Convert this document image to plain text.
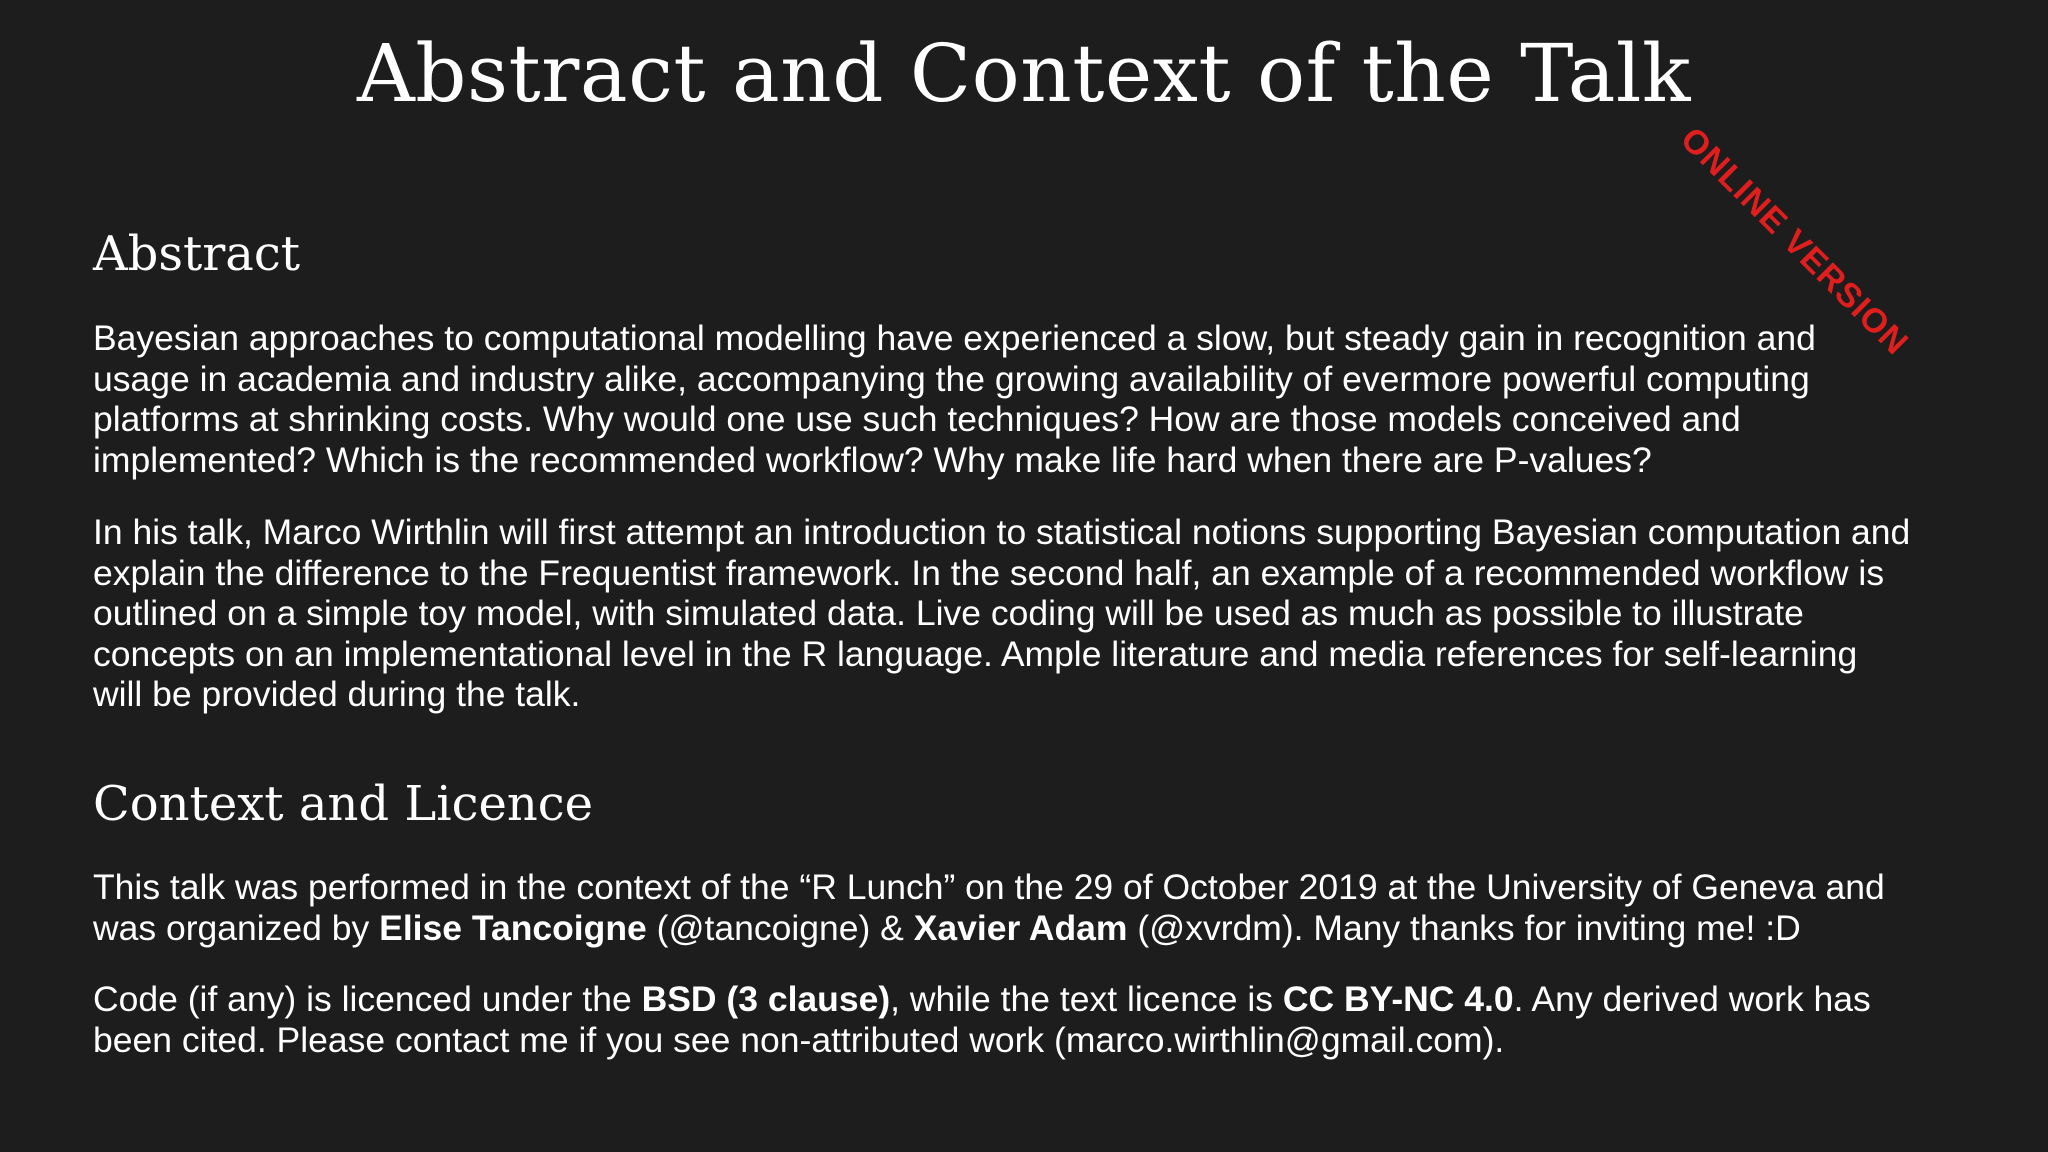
Abstract and Context of the Talk
ONLINE VERSION
Abstract

Bayesian approaches to computational modelling have experienced a slow, but steady gain in recognition and
usage in academia and industry alike, accompanying the growing availability of evermore powerful computing
platforms at shrinking costs. Why would one use such techniques? How are those models conceived and
implemented? Which is the recommended workflow? Why make life hard when there are P-values?

In his talk, Marco Wirthlin will first attempt an introduction to statistical notions supporting Bayesian computation and
explain the difference to the Frequentist framework. In the second half, an example of a recommended workflow is
outlined on a simple toy model, with simulated data. Live coding will be used as much as possible to illustrate
concepts on an implementational level in the R language. Ample literature and media references for self-learning
will be provided during the talk.

Context and Licence

This talk was performed in the context of the “R Lunch” on the 29 of October 2019 at the University of Geneva and
was organized by Elise Tancoigne (@tancoigne) & Xavier Adam (@xvrdm). Many thanks for inviting me! :D

Code (if any) is licenced under the BSD (3 clause), while the text licence is CC BY-NC 4.0. Any derived work has
been cited. Please contact me if you see non-attributed work (marco.wirthlin@gmail.com).
